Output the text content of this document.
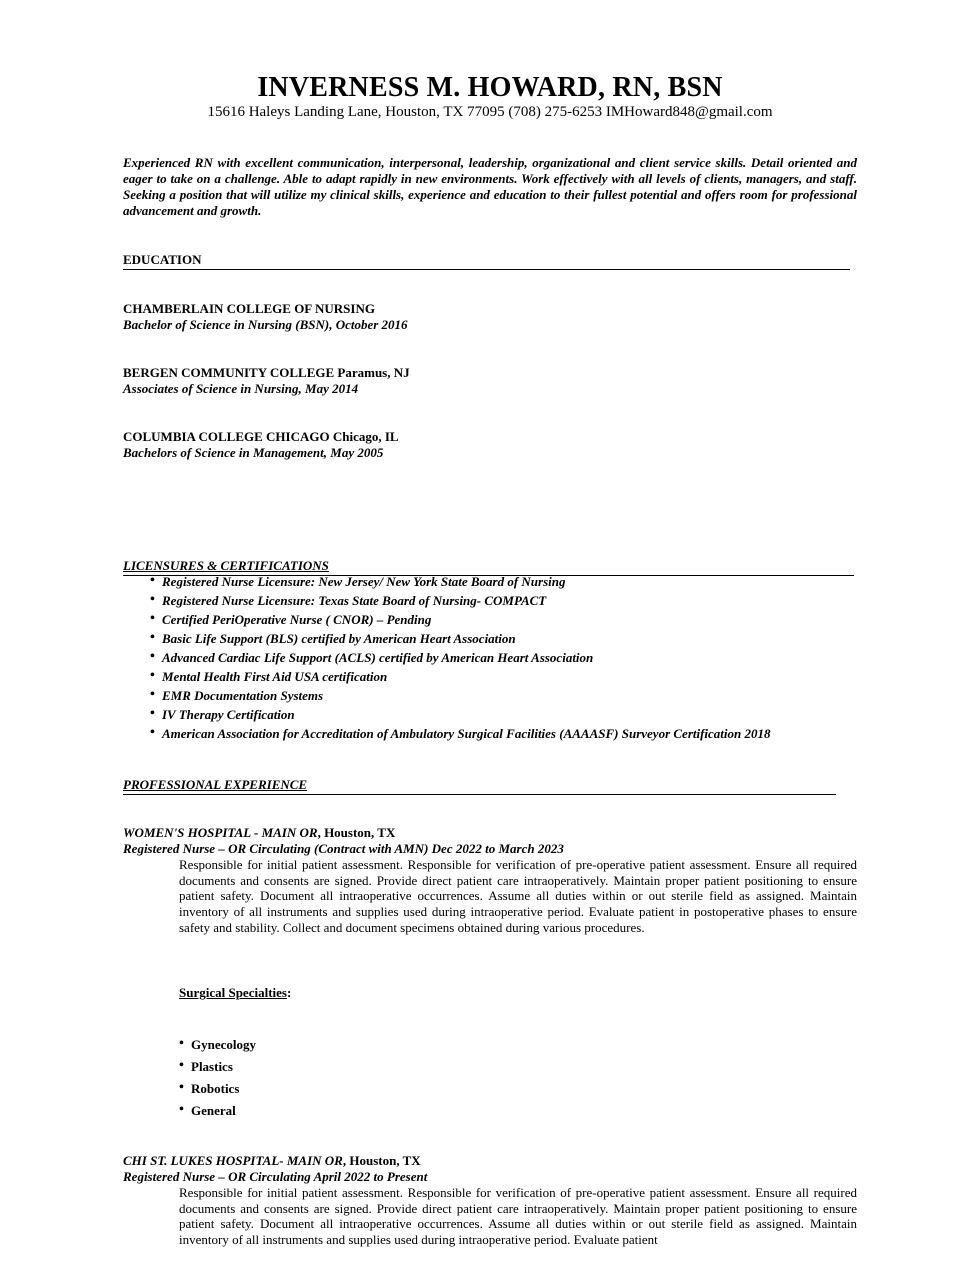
INVERNESS M. HOWARD, RN, BSN
15616 Haleys Landing Lane, Houston, TX 77095 (708) 275-6253 IMHoward848@gmail.com
Experienced RN with excellent communication, interpersonal, leadership, organizational and client service skills. Detail oriented and eager to take on a challenge. Able to adapt rapidly in new environments. Work effectively with all levels of clients, managers, and staff. Seeking a position that will utilize my clinical skills, experience and education to their fullest potential and offers room for professional advancement and growth.
EDUCATION
CHAMBERLAIN COLLEGE OF NURSING
Bachelor of Science in Nursing (BSN), October 2016
BERGEN COMMUNITY COLLEGE Paramus, NJ
Associates of Science in Nursing, May 2014
COLUMBIA COLLEGE CHICAGO Chicago, IL
Bachelors of Science in Management, May 2005
LICENSURES & CERTIFICATIONS
• Registered Nurse Licensure: New Jersey/ New York State Board of Nursing
• Registered Nurse Licensure: Texas State Board of Nursing- COMPACT
• Certified PeriOperative Nurse ( CNOR) – Pending
• Basic Life Support (BLS) certified by American Heart Association
• Advanced Cardiac Life Support (ACLS) certified by American Heart Association
• Mental Health First Aid USA certification
• EMR Documentation Systems
• IV Therapy Certification
• American Association for Accreditation of Ambulatory Surgical Facilities (AAAASF) Surveyor Certification 2018
PROFESSIONAL EXPERIENCE
WOMEN'S HOSPITAL - MAIN OR, Houston, TX
Registered Nurse – OR Circulating (Contract with AMN) Dec 2022 to March 2023
Responsible for initial patient assessment. Responsible for verification of pre-operative patient assessment. Ensure all required documents and consents are signed. Provide direct patient care intraoperatively. Maintain proper patient positioning to ensure patient safety. Document all intraoperative occurrences. Assume all duties within or out sterile field as assigned. Maintain inventory of all instruments and supplies used during intraoperative period. Evaluate patient in postoperative phases to ensure safety and stability. Collect and document specimens obtained during various procedures.
Surgical Specialties:
• Gynecology
• Plastics
• Robotics
• General
CHI ST. LUKES HOSPITAL- MAIN OR, Houston, TX
Registered Nurse – OR Circulating April 2022 to Present
Responsible for initial patient assessment. Responsible for verification of pre-operative patient assessment. Ensure all required documents and consents are signed. Provide direct patient care intraoperatively. Maintain proper patient positioning to ensure patient safety. Document all intraoperative occurrences. Assume all duties within or out sterile field as assigned. Maintain inventory of all instruments and supplies used during intraoperative period. Evaluate patient
